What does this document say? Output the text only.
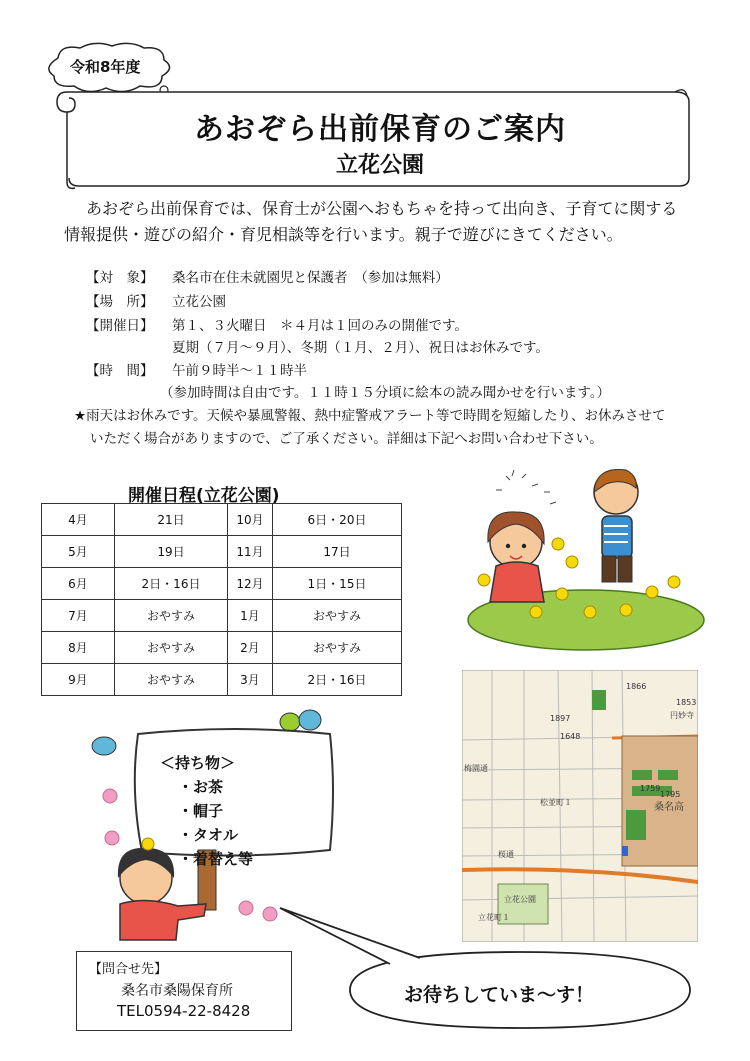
令和8年度
あおぞら出前保育のご案内
立花公園
あおぞら出前保育では、保育士が公園へおもちゃを持って出向き、子育てに関する
情報提供・遊びの紹介・育児相談等を行います。親子で遊びにきてください。
【対　象】 桑名市在住未就園児と保護者　（参加は無料）
【場　所】 立花公園
【開催日】 第１、３火曜日　＊４月は１回のみの開催です。
夏期（７月～９月）、冬期（１月、２月）、祝日はお休みです。
【時　間】 午前９時半～１１時半
（参加時間は自由です。１１時１５分頃に絵本の読み聞かせを行います。）
★雨天はお休みです。天候や暴風警報、熱中症警戒アラート等で時間を短縮したり、お休みさせて
いただく場合がありますので、ご了承ください。詳細は下記へお問い合わせ下さい。
開催日程(立花公園)
4月	21日	10月	6日・20日
5月	19日	11月	17日
6月	2日・16日	12月	1日・15日
7月	おやすみ	1月	おやすみ
8月	おやすみ	2月	おやすみ
9月	おやすみ	3月	2日・16日
桑名高
松並町１
桜通
立花町１
立花公園
梅園通
円妙寺
1866
1853
1897
1648
1759
1795
＜持ち物＞
・お茶
・帽子
・タオル
・着替え等
【問合せ先】
桑名市桑陽保育所
TEL0594-22-8428
お待ちしていま～す！
